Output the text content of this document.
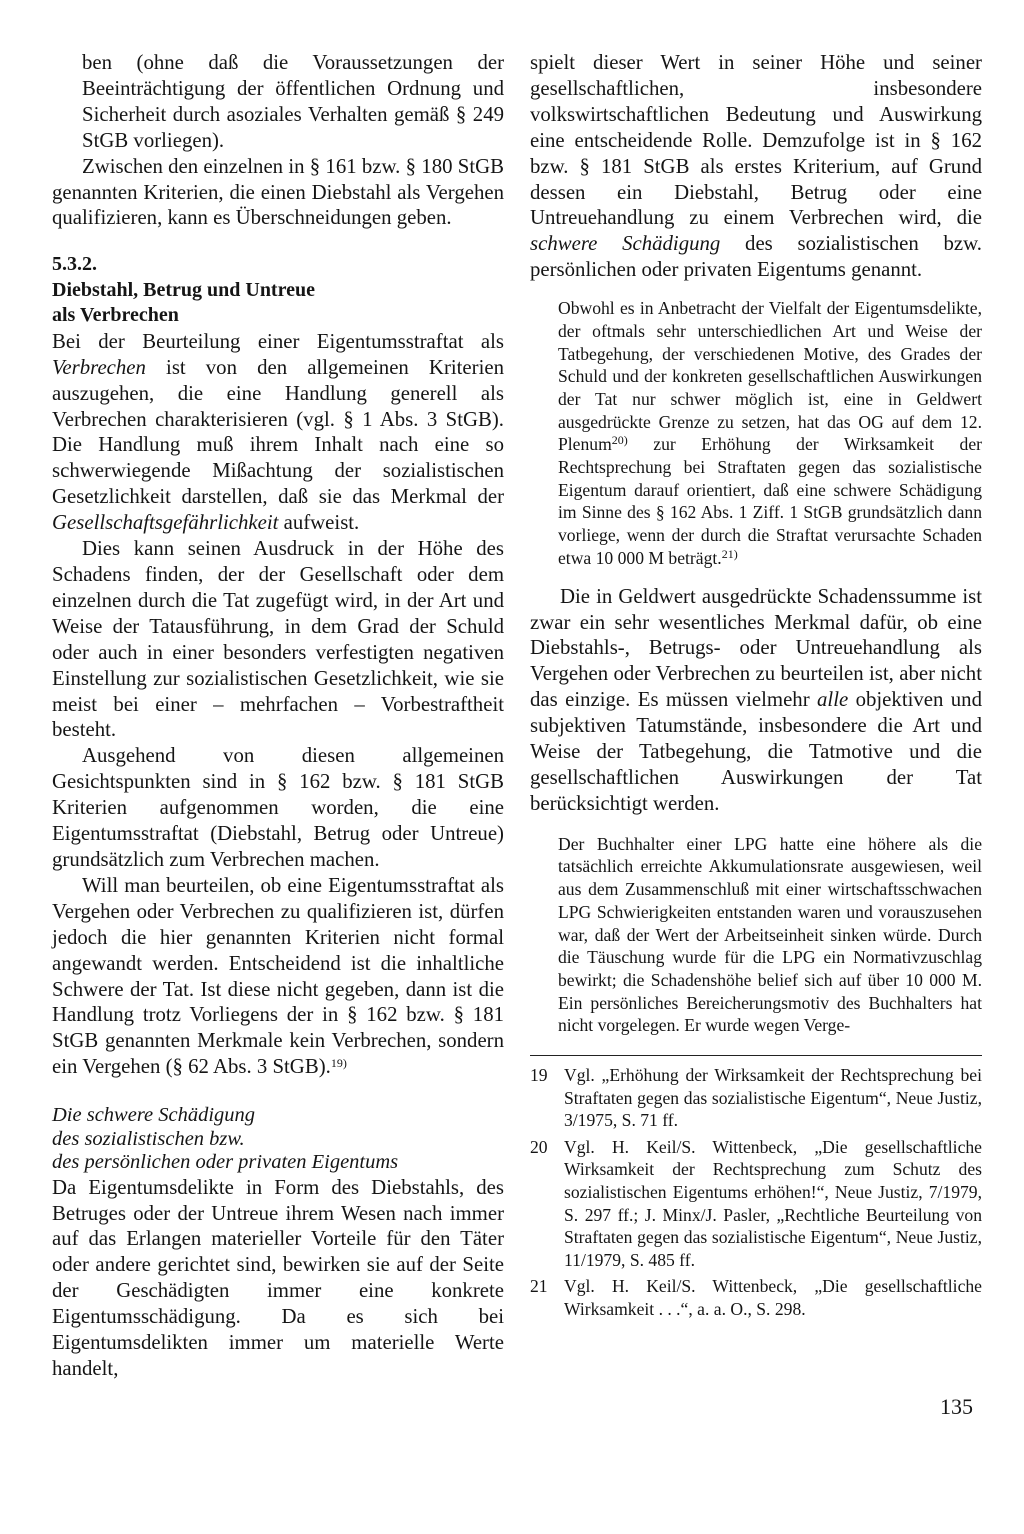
ben (ohne daß die Voraussetzungen der Beeinträchtigung der öffentlichen Ordnung und Sicherheit durch asoziales Verhalten gemäß § 249 StGB vorliegen).

Zwischen den einzelnen in § 161 bzw. § 180 StGB genannten Kriterien, die einen Diebstahl als Vergehen qualifizieren, kann es Überschneidungen geben.

5.3.2.
Diebstahl, Betrug und Untreue
als Verbrechen

Bei der Beurteilung einer Eigentumsstraftat als Verbrechen ist von den allgemeinen Kriterien auszugehen, die eine Handlung generell als Verbrechen charakterisieren (vgl. § 1 Abs. 3 StGB). Die Handlung muß ihrem Inhalt nach eine so schwerwiegende Mißachtung der sozialistischen Gesetzlichkeit darstellen, daß sie das Merkmal der Gesellschaftsgefährlichkeit aufweist.

Dies kann seinen Ausdruck in der Höhe des Schadens finden, der der Gesellschaft oder dem einzelnen durch die Tat zugefügt wird, in der Art und Weise der Tatausführung, in dem Grad der Schuld oder auch in einer besonders verfestigten negativen Einstellung zur sozialistischen Gesetzlichkeit, wie sie meist bei einer – mehrfachen – Vorbestraftheit besteht.

Ausgehend von diesen allgemeinen Gesichtspunkten sind in § 162 bzw. § 181 StGB Kriterien aufgenommen worden, die eine Eigentumsstraftat (Diebstahl, Betrug oder Untreue) grundsätzlich zum Verbrechen machen.

Will man beurteilen, ob eine Eigentumsstraftat als Vergehen oder Verbrechen zu qualifizieren ist, dürfen jedoch die hier genannten Kriterien nicht formal angewandt werden. Entscheidend ist die inhaltliche Schwere der Tat. Ist diese nicht gegeben, dann ist die Handlung trotz Vorliegens der in § 162 bzw. § 181 StGB genannten Merkmale kein Verbrechen, sondern ein Vergehen (§ 62 Abs. 3 StGB).$^{19)}$

Die schwere Schädigung
des sozialistischen bzw.
des persönlichen oder privaten Eigentums

Da Eigentumsdelikte in Form des Diebstahls, des Betruges oder der Untreue ihrem Wesen nach immer auf das Erlangen materieller Vorteile für den Täter oder andere gerichtet sind, bewirken sie auf der Seite der Geschädigten immer eine konkrete Eigentumsschädigung. Da es sich bei Eigentumsdelikten immer um materielle Werte handelt,

spielt dieser Wert in seiner Höhe und seiner gesellschaftlichen, insbesondere volkswirtschaftlichen Bedeutung und Auswirkung eine entscheidende Rolle. Demzufolge ist in § 162 bzw. § 181 StGB als erstes Kriterium, auf Grund dessen ein Diebstahl, Betrug oder eine Untreuehandlung zu einem Verbrechen wird, die schwere Schädigung des sozialistischen bzw. persönlichen oder privaten Eigentums genannt.

Obwohl es in Anbetracht der Vielfalt der Eigentumsdelikte, der oftmals sehr unterschiedlichen Art und Weise der Tatbegehung, der verschiedenen Motive, des Grades der Schuld und der konkreten gesellschaftlichen Auswirkungen der Tat nur schwer möglich ist, eine in Geldwert ausgedrückte Grenze zu setzen, hat das OG auf dem 12. Plenum$^{20)}$ zur Erhöhung der Wirksamkeit der Rechtsprechung bei Straftaten gegen das sozialistische Eigentum darauf orientiert, daß eine schwere Schädigung im Sinne des § 162 Abs. 1 Ziff. 1 StGB grundsätzlich dann vorliege, wenn der durch die Straftat verursachte Schaden etwa 10 000 M beträgt.$^{21)}$

Die in Geldwert ausgedrückte Schadenssumme ist zwar ein sehr wesentliches Merkmal dafür, ob eine Diebstahls-, Betrugs- oder Untreuehandlung als Vergehen oder Verbrechen zu beurteilen ist, aber nicht das einzige. Es müssen vielmehr alle objektiven und subjektiven Tatumstände, insbesondere die Art und Weise der Tatbegehung, die Tatmotive und die gesellschaftlichen Auswirkungen der Tat berücksichtigt werden.

Der Buchhalter einer LPG hatte eine höhere als die tatsächlich erreichte Akkumulationsrate ausgewiesen, weil aus dem Zusammenschluß mit einer wirtschaftsschwachen LPG Schwierigkeiten entstanden waren und vorauszusehen war, daß der Wert der Arbeitseinheit sinken würde. Durch die Täuschung wurde für die LPG ein Normativzuschlag bewirkt; die Schadenshöhe belief sich auf über 10 000 M. Ein persönliches Bereicherungsmotiv des Buchhalters hat nicht vorgelegen. Er wurde wegen Verge-
19 Vgl. „Erhöhung der Wirksamkeit der Rechtsprechung bei Straftaten gegen das sozialistische Eigentum“, Neue Justiz, 3/1975, S. 71 ff.
20 Vgl. H. Keil/S. Wittenbeck, „Die gesellschaftliche Wirksamkeit der Rechtsprechung zum Schutz des sozialistischen Eigentums erhöhen!“, Neue Justiz, 7/1979, S. 297 ff.; J. Minx/J. Pasler, „Rechtliche Beurteilung von Straftaten gegen das sozialistische Eigentum“, Neue Justiz, 11/1979, S. 485 ff.
21 Vgl. H. Keil/S. Wittenbeck, „Die gesellschaftliche Wirksamkeit . . .“, a. a. O., S. 298.
135
